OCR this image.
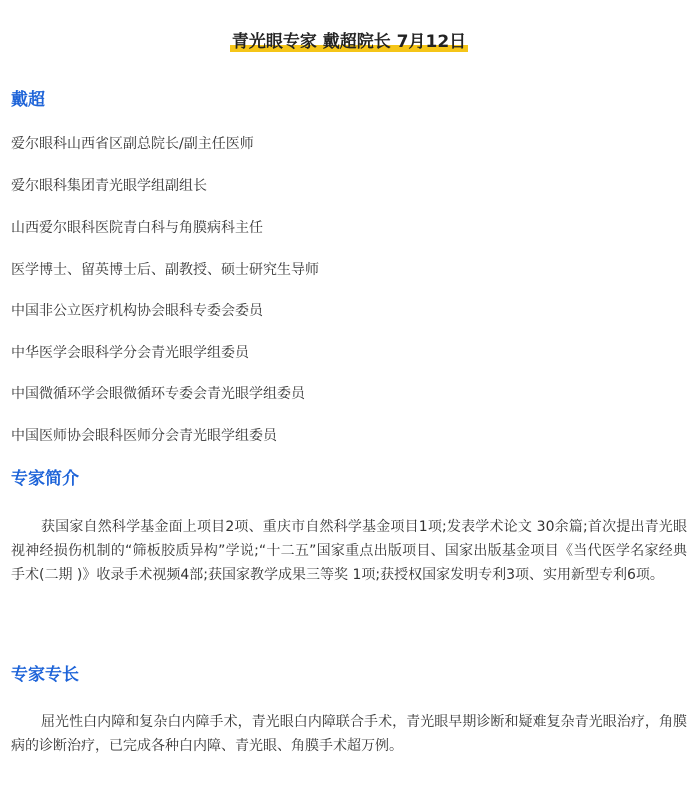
青光眼专家 戴超院长 7月12日
戴超
爱尔眼科山西省区副总院长/副主任医师
爱尔眼科集团青光眼学组副组长
山西爱尔眼科医院青白科与角膜病科主任
医学博士、留英博士后、副教授、硕士研究生导师
中国非公立医疗机构协会眼科专委会委员
中华医学会眼科学分会青光眼学组委员
中国微循环学会眼微循环专委会青光眼学组委员
中国医师协会眼科医师分会青光眼学组委员
专家简介

获国家自然科学基金面上项目2项、重庆市自然科学基金项目1项;发表学术论文 30余篇;首次提出青光眼视神经损伤机制的“筛板胶质异构”学说;“十二五”国家重点出版项目、国家出版基金项目《当代医学名家经典手术(二期 )》收录手术视频4部;获国家教学成果三等奖 1项;获授权国家发明专利3项、实用新型专利6项。

专家专长

屈光性白内障和复杂白内障手术，青光眼白内障联合手术，青光眼早期诊断和疑难复杂青光眼治疗，角膜病的诊断治疗，已完成各种白内障、青光眼、角膜手术超万例。
